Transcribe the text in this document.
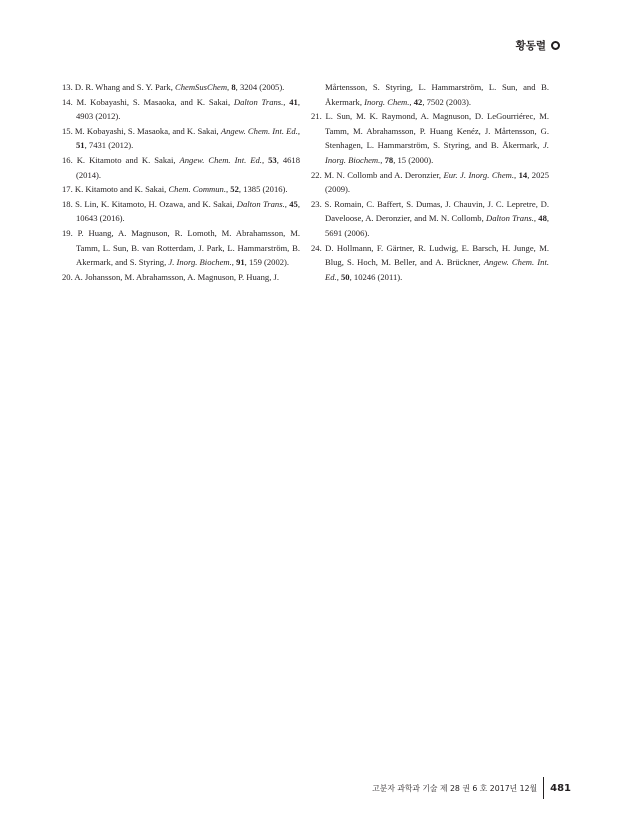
황동렬

13. D. R. Whang and S. Y. Park, ChemSusChem, 8, 3204 (2005).

14. M. Kobayashi, S. Masaoka, and K. Sakai, Dalton Trans., 41, 4903 (2012).

15. M. Kobayashi, S. Masaoka, and K. Sakai, Angew. Chem. Int. Ed., 51, 7431 (2012).

16. K. Kitamoto and K. Sakai, Angew. Chem. Int. Ed., 53, 4618 (2014).

17. K. Kitamoto and K. Sakai, Chem. Commun., 52, 1385 (2016).

18. S. Lin, K. Kitamoto, H. Ozawa, and K. Sakai, Dalton Trans., 45, 10643 (2016).

19. P. Huang, A. Magnuson, R. Lomoth, M. Abrahamsson, M. Tamm, L. Sun, B. van Rotterdam, J. Park, L. Hammarström, B. Akermark, and S. Styring, J. Inorg. Biochem., 91, 159 (2002).

20. A. Johansson, M. Abrahamsson, A. Magnuson, P. Huang, J.

Mårtensson, S. Styring, L. Hammarström, L. Sun, and B. Åkermark, Inorg. Chem., 42, 7502 (2003).

21. L. Sun, M. K. Raymond, A. Magnuson, D. LeGourriérec, M. Tamm, M. Abrahamsson, P. Huang Kenéz, J. Mårtensson, G. Stenhagen, L. Hammarström, S. Styring, and B. Åkermark, J. Inorg. Biochem., 78, 15 (2000).

22. M. N. Collomb and A. Deronzier, Eur. J. Inorg. Chem., 14, 2025 (2009).

23. S. Romain, C. Baffert, S. Dumas, J. Chauvin, J. C. Lepretre, D. Daveloose, A. Deronzier, and M. N. Collomb, Dalton Trans., 48, 5691 (2006).

24. D. Hollmann, F. Gärtner, R. Ludwig, E. Barsch, H. Junge, M. Blug, S. Hoch, M. Beller, and A. Brückner, Angew. Chem. Int. Ed., 50, 10246 (2011).

고분자 과학과 기술 제 28 권 6 호 2017년 12월 481
